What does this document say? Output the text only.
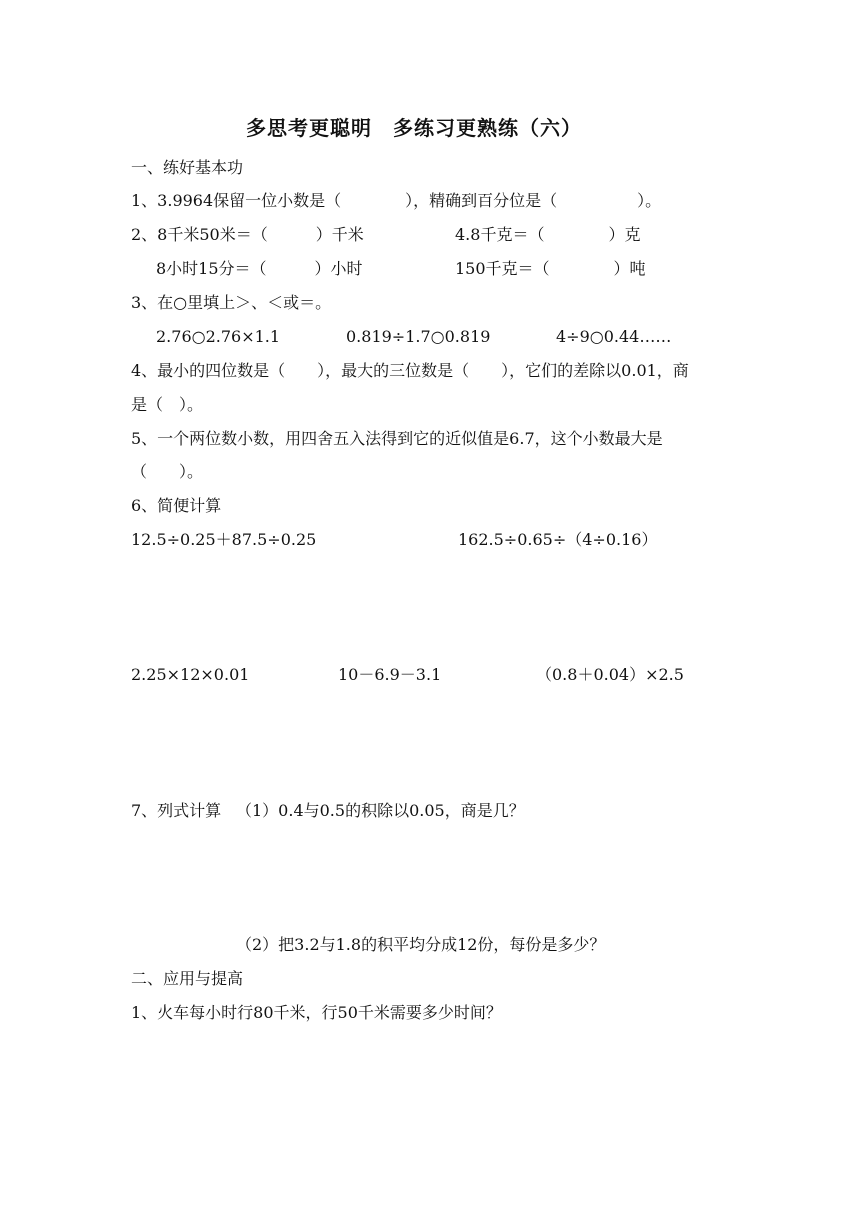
多思考更聪明　多练习更熟练（六）
一、练好基本功
1、3.9964保留一位小数是（　　　　），精确到百分位是（　　　　　）。
2、8千米50米＝（　　　）千米	4.8千克＝（　　　　）克
8小时15分＝（　　　）小时	150千克＝（　　　　）吨
3、在○里填上＞、＜或＝。
2.76○2.76×1.1	0.819÷1.7○0.819	4÷9○0.44……
4、最小的四位数是（　　），最大的三位数是（　　），它们的差除以0.01，商
是（　）。
5、一个两位数小数，用四舍五入法得到它的近似值是6.7，这个小数最大是
（　　）。
6、简便计算
12.5÷0.25＋87.5÷0.25	162.5÷0.65÷（4÷0.16）
2.25×12×0.01	10－6.9－3.1	（0.8＋0.04）×2.5
7、列式计算 （1）0.4与0.5的积除以0.05，商是几？
（2）把3.2与1.8的积平均分成12份，每份是多少？
二、应用与提高
1、火车每小时行80千米，行50千米需要多少时间？
